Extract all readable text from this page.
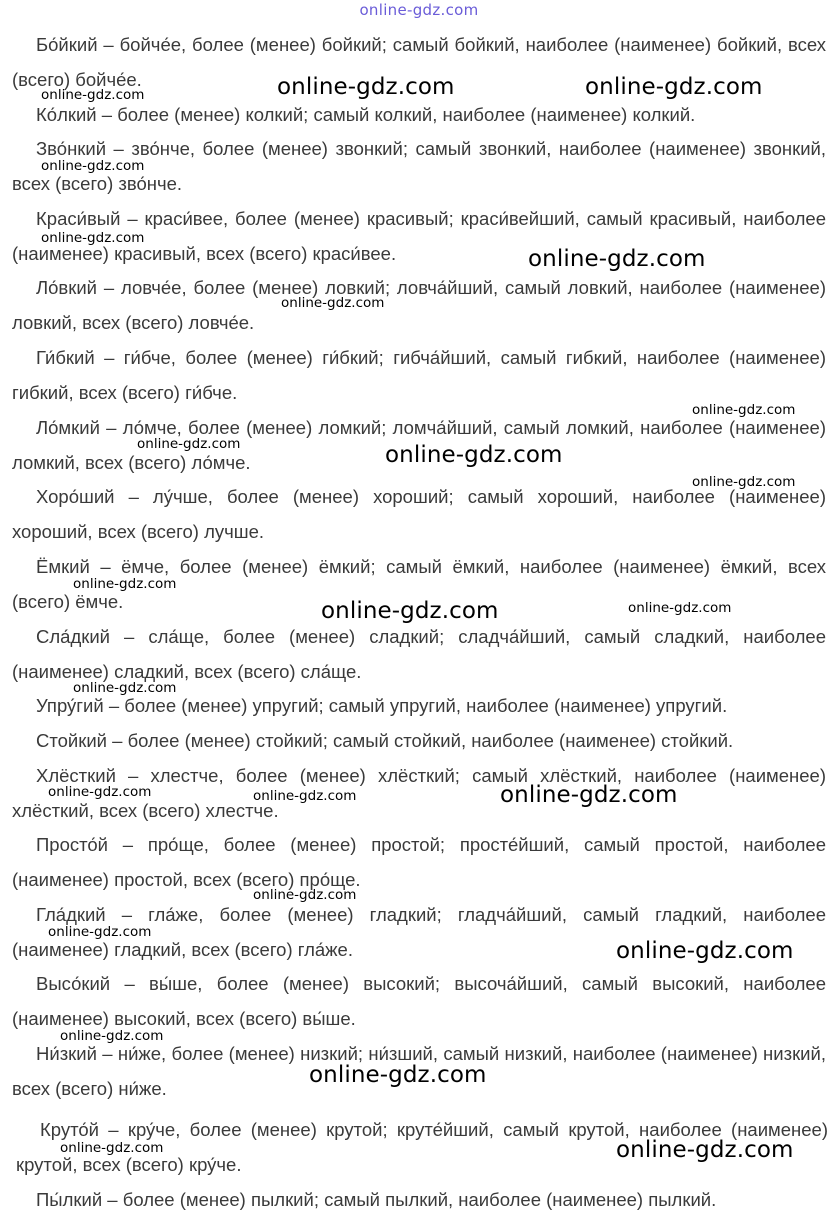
online-gdz.com
Бо́йкий – бойче́е, более (менее) бойкий; самый бойкий, наиболее (наименее) бойкий, всех (всего) бойче́е.
Ко́лкий – более (менее) колкий; самый колкий, наиболее (наименее) колкий.
Зво́нкий – зво́нче, более (менее) звонкий; самый звонкий, наиболее (наименее) звонкий, всех (всего) зво́нче.
Краси́вый – краси́вее, более (менее) красивый; краси́вейший, самый красивый, наиболее (наименее) красивый, всех (всего) краси́вее.
Ло́вкий – ловче́е, более (менее) ловкий; ловча́йший, самый ловкий, наиболее (наименее) ловкий, всех (всего) ловче́е.
Ги́бкий – ги́бче, более (менее) ги́бкий; гибча́йший, самый гибкий, наиболее (наименее) гибкий, всех (всего) ги́бче.
Ло́мкий – ло́мче, более (менее) ломкий; ломча́йший, самый ломкий, наиболее (наименее) ломкий, всех (всего) ло́мче.
Хоро́ший – лу́чше, более (менее) хороший; самый хороший, наиболее (наименее) хороший, всех (всего) лучше.
Ёмкий – ёмче, более (менее) ёмкий; самый ёмкий, наиболее (наименее) ёмкий, всех (всего) ёмче.
Сла́дкий – сла́ще, более (менее) сладкий; сладча́йший, самый сладкий, наиболее (наименее) сладкий, всех (всего) сла́ще.
Упру́гий – более (менее) упругий; самый упругий, наиболее (наименее) упругий.
Стойкий – более (менее) стойкий; самый стойкий, наиболее (наименее) стойкий.
Хлёсткий – хлестче, более (менее) хлёсткий; самый хлёсткий, наиболее (наименее) хлёсткий, всех (всего) хлестче.
Просто́й – про́ще, более (менее) простой; просте́йший, самый простой, наиболее (наименее) простой, всех (всего) про́ще.
Гла́дкий – гла́же, более (менее) гладкий; гладча́йший, самый гладкий, наиболее (наименее) гладкий, всех (всего) гла́же.
Высо́кий – вы́ше, более (менее) высокий; высоча́йший, самый высокий, наиболее (наименее) высокий, всех (всего) вы́ше.
Ни́зкий – ни́же, более (менее) низкий; ни́зший, самый низкий, наиболее (наименее) низкий, всех (всего) ни́же.
Круто́й – кру́че, более (менее) крутой; круте́йший, самый крутой, наиболее (наименее) крутой, всех (всего) кру́че.
Пы́лкий – более (менее) пылкий; самый пылкий, наиболее (наименее) пылкий.
online-gdz.com	online-gdz.com
online-gdz.com
online-gdz.com
online-gdz.com
online-gdz.com
online-gdz.com
online-gdz.com
online-gdz.com
online-gdz.com
online-gdz.com
online-gdz.com
online-gdz.com
online-gdz.com
online-gdz.com
online-gdz.com
online-gdz.com
online-gdz.com
online-gdz.com
online-gdz.com	online-gdz.com
online-gdz.com
online-gdz.com
online-gdz.com
online-gdz.com
